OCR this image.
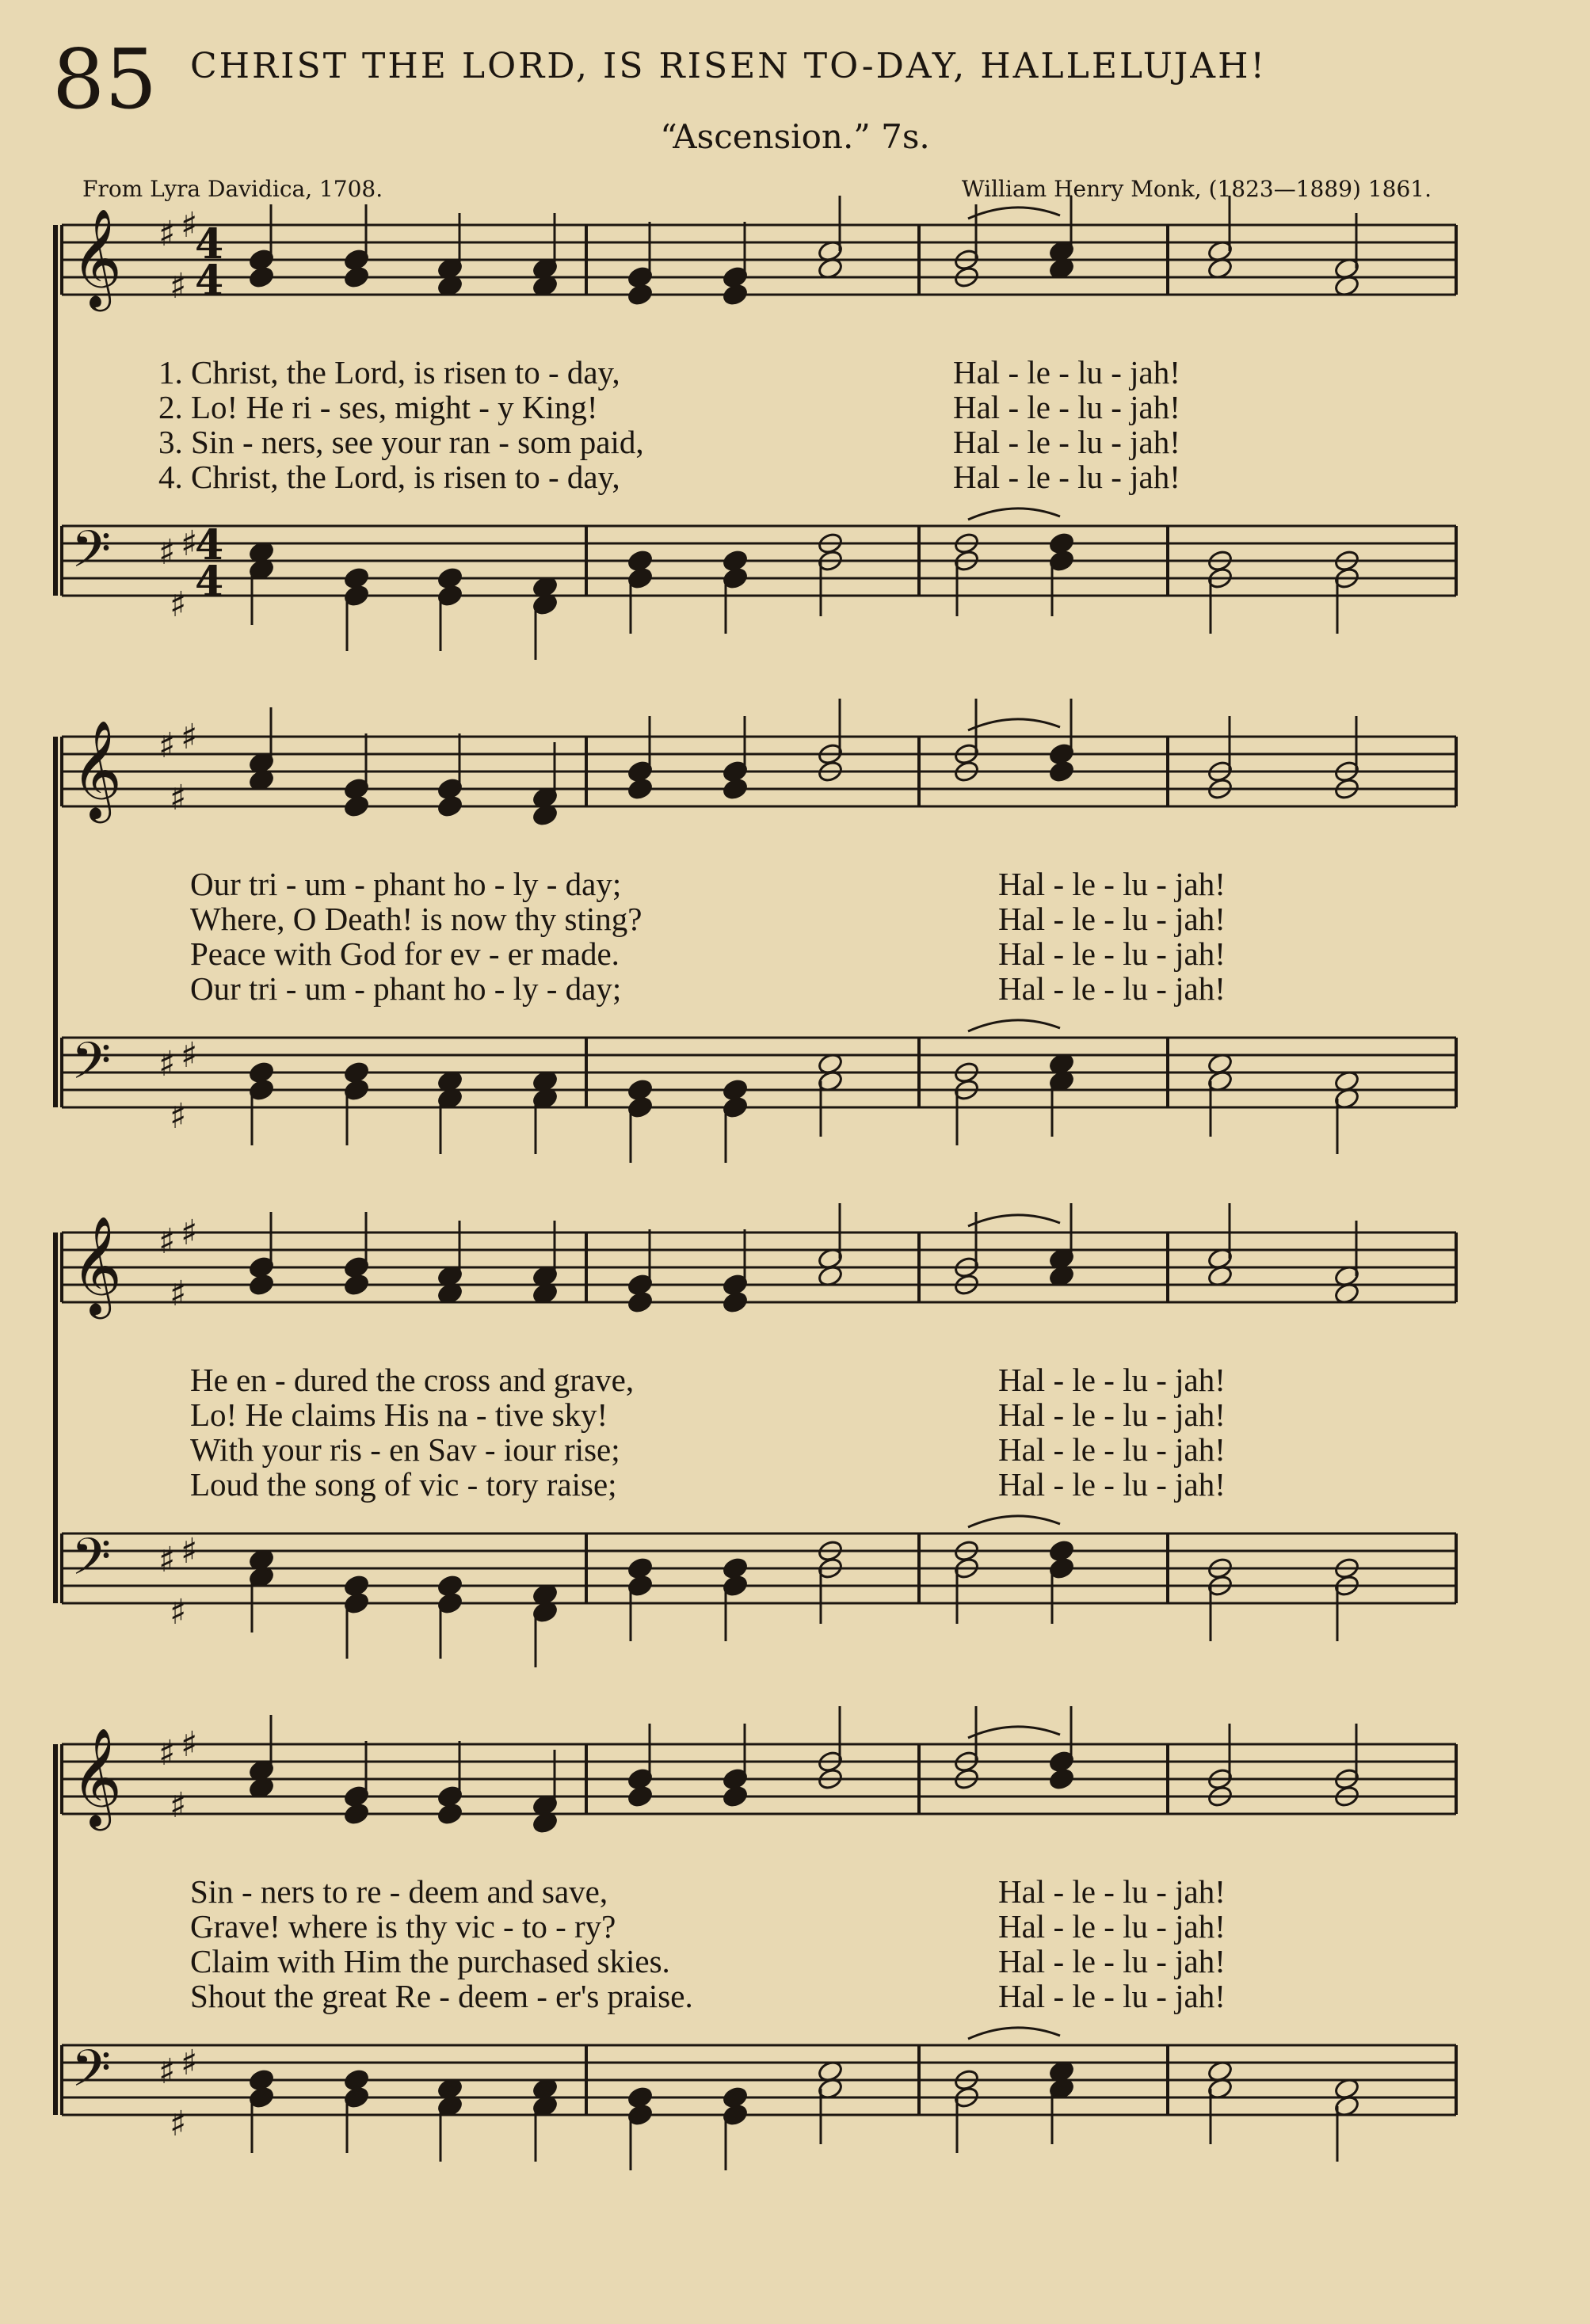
85 CHRIST THE LORD, IS RISEN TO-DAY, HALLELUJAH!
“Ascension.” 7s.
From Lyra Davidica, 1708.	William Henry Monk, (1823—1889) 1861.
𝄞 ♯
♯
♯
4
4
𝄢 ♯
♯
♯
4
4
1. Christ, the Lord, is risen to - day,	Hal - le - lu - jah!
2. Lo! He ri - ses, might - y King!	Hal - le - lu - jah!
3. Sin - ners, see your ran - som paid,	Hal - le - lu - jah!
4. Christ, the Lord, is risen to - day,	Hal - le - lu - jah!
𝄞 ♯
♯
♯
𝄢 ♯
♯
♯
Our tri - um - phant ho - ly - day;	Hal - le - lu - jah!
Where, O Death! is now thy sting?	Hal - le - lu - jah!
Peace with God for ev - er made.	Hal - le - lu - jah!
Our tri - um - phant ho - ly - day;	Hal - le - lu - jah!
𝄞 ♯
♯
♯
𝄢 ♯
♯
♯
He en - dured the cross and grave,	Hal - le - lu - jah!
Lo! He claims His na - tive sky!	Hal - le - lu - jah!
With your ris - en Sav - iour rise;	Hal - le - lu - jah!
Loud the song of vic - tory raise;	Hal - le - lu - jah!
𝄞 ♯
♯
♯
𝄢 ♯
♯
♯
Sin - ners to re - deem and save,	Hal - le - lu - jah!
Grave! where is thy vic - to - ry?	Hal - le - lu - jah!
Claim with Him the purchased skies.	Hal - le - lu - jah!
Shout the great Re - deem - er's praise.	Hal - le - lu - jah!
